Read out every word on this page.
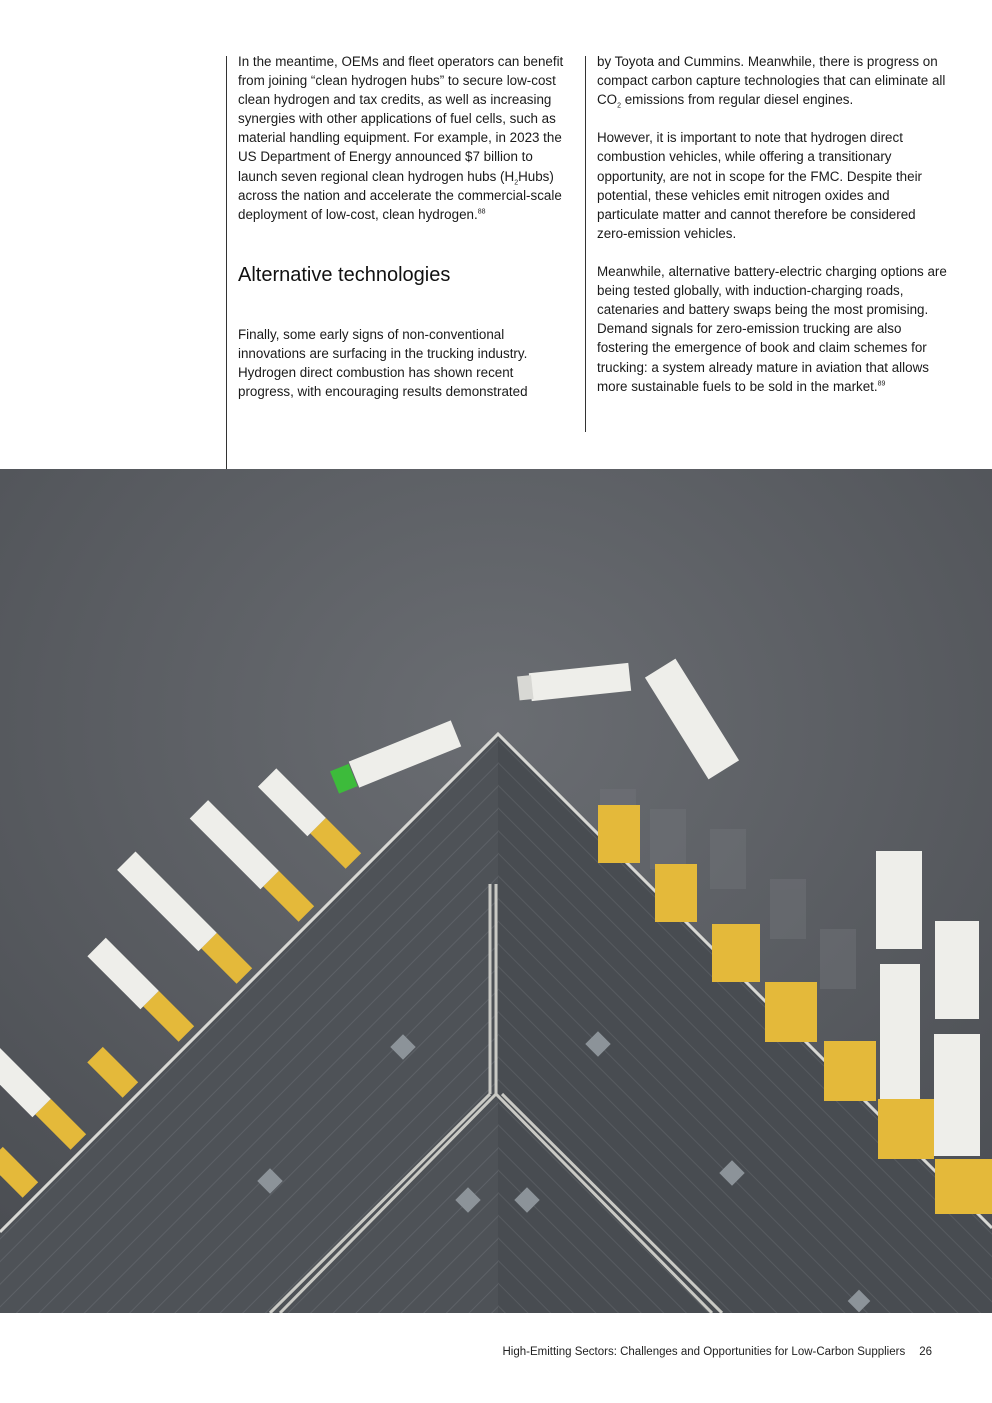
In the meantime, OEMs and fleet operators can benefit from joining “clean hydrogen hubs” to secure low-cost clean hydrogen and tax credits, as well as increasing synergies with other applications of fuel cells, such as material handling equipment. For example, in 2023 the US Department of Energy announced $7 billion to launch seven regional clean hydrogen hubs $(H_2Hubs)$ across the nation and accelerate the commercial-scale deployment of low-cost, clean hydrogen.$^{88}$

Alternative technologies

Finally, some early signs of non-conventional innovations are surfacing in the trucking industry. Hydrogen direct combustion has shown recent progress, with encouraging results demonstrated

by Toyota and Cummins. Meanwhile, there is progress on compact carbon capture technologies that can eliminate all $CO_2$ emissions from regular diesel engines.

However, it is important to note that hydrogen direct combustion vehicles, while offering a transitionary opportunity, are not in scope for the FMC. Despite their potential, these vehicles emit nitrogen oxides and particulate matter and cannot therefore be considered zero-emission vehicles.

Meanwhile, alternative battery-electric charging options are being tested globally, with induction-charging roads, catenaries and battery swaps being the most promising. Demand signals for zero-emission trucking are also fostering the emergence of book and claim schemes for trucking: a system already mature in aviation that allows more sustainable fuels to be sold in the market.$^{89}$

High-Emitting Sectors: Challenges and Opportunities for Low-Carbon Suppliers 26
